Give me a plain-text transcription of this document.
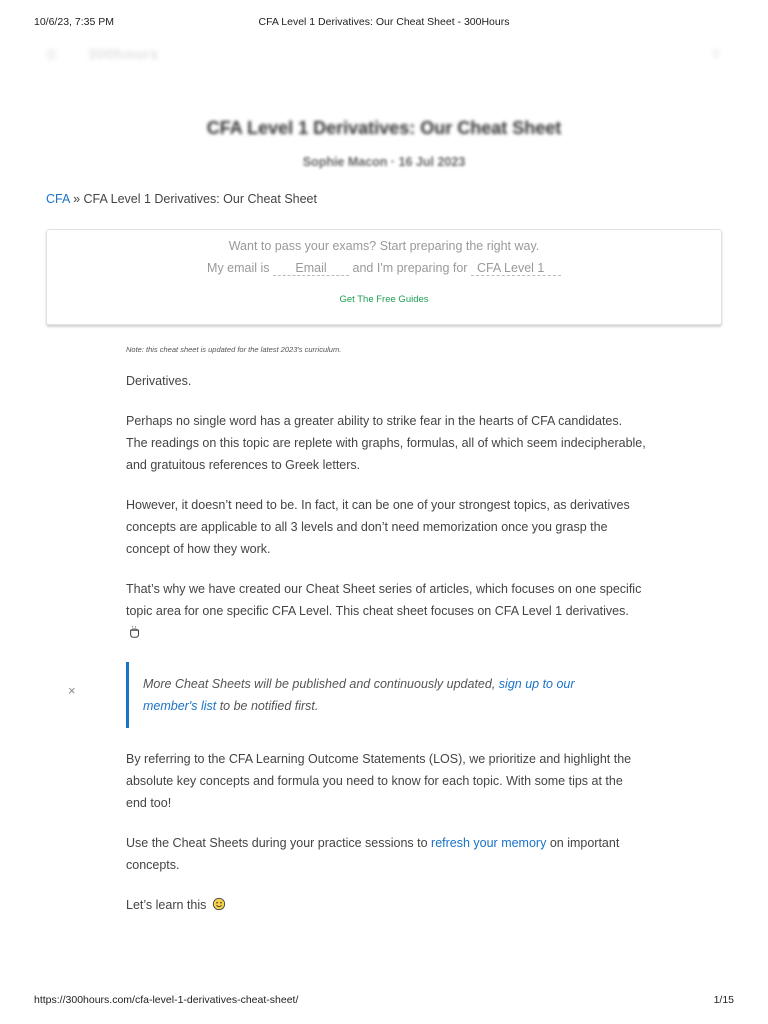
10/6/23, 7:35 PM	CFA Level 1 Derivatives: Our Cheat Sheet - 300Hours
☰ 300hours	⚲
CFA Level 1 Derivatives: Our Cheat Sheet
Sophie Macon · 16 Jul 2023
CFA » CFA Level 1 Derivatives: Our Cheat Sheet
Want to pass your exams? Start preparing the right way.
My email is Email and I'm preparing for CFA Level 1
Get The Free Guides
Note: this cheat sheet is updated for the latest 2023's curriculum.

Derivatives.

Perhaps no single word has a greater ability to strike fear in the hearts of CFA candidates. The readings on this topic are replete with graphs, formulas, all of which seem indecipherable, and gratuitous references to Greek letters.

However, it doesn’t need to be. In fact, it can be one of your strongest topics, as derivatives concepts are applicable to all 3 levels and don’t need memorization once you grasp the concept of how they work.

That’s why we have created our Cheat Sheet series of articles, which focuses on one specific topic area for one specific CFA Level. This cheat sheet focuses on CFA Level 1 derivatives.

×	More Cheat Sheets will be published and continuously updated, sign up to our member's list to be notified first.

By referring to the CFA Learning Outcome Statements (LOS), we prioritize and highlight the absolute key concepts and formula you need to know for each topic. With some tips at the end too!

Use the Cheat Sheets during your practice sessions to refresh your memory on important concepts.

Let’s learn this

https://300hours.com/cfa-level-1-derivatives-cheat-sheet/	1/15
